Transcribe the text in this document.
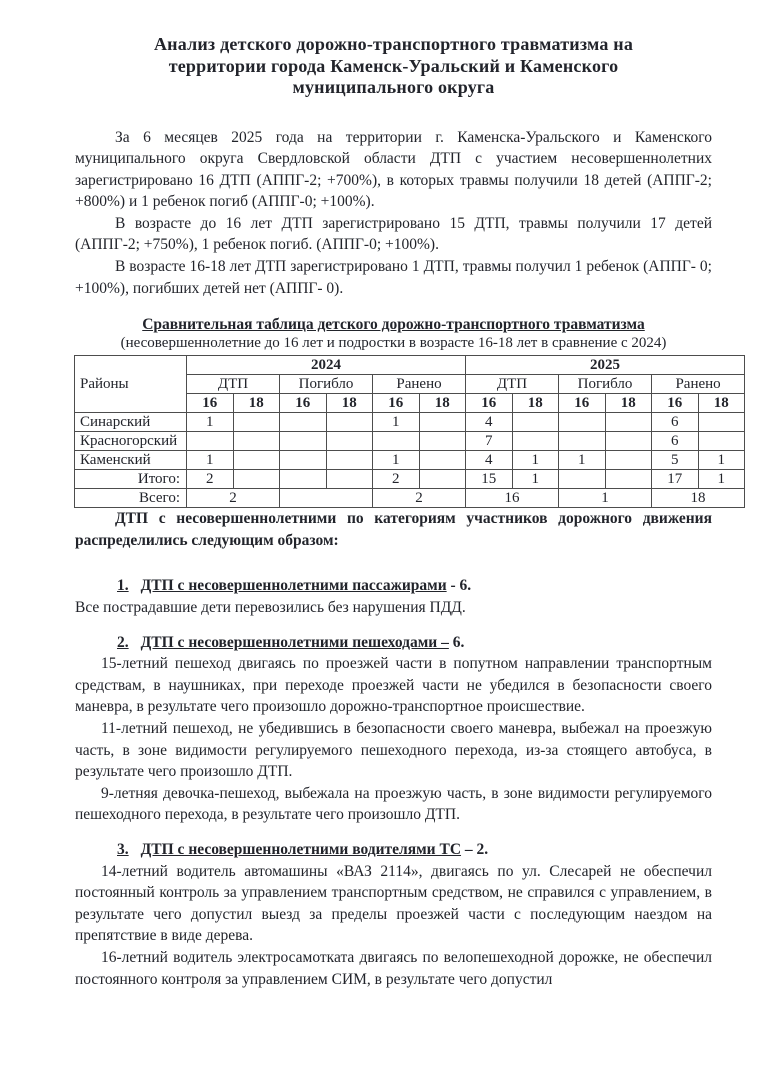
Анализ детского дорожно-транспортного травматизма на
территории города Каменск-Уральский и Каменского
муниципального округа

За 6 месяцев 2025 года на территории г. Каменска-Уральского и Каменского муниципального округа Свердловской области ДТП с участием несовершеннолетних зарегистрировано 16 ДТП (АППГ-2; +700%), в которых травмы получили 18 детей (АППГ-2; +800%) и 1 ребенок погиб (АППГ-0; +100%).

В возрасте до 16 лет ДТП зарегистрировано 15 ДТП, травмы получили 17 детей (АППГ-2; +750%), 1 ребенок погиб. (АППГ-0; +100%).

В возрасте 16-18 лет ДТП зарегистрировано 1 ДТП, травмы получил 1 ребенок (АППГ- 0; +100%), погибших детей нет (АППГ- 0).

Сравнительная таблица детского дорожно-транспортного травматизма
(несовершеннолетние до 16 лет и подростки в возрасте 16-18 лет в сравнение с 2024)
Районы	2024						2025					
	ДТП		Погибло		Ранено		ДТП		Погибло		Ранено	
	16	18	16	18	16	18	16	18	16	18	16	18
Синарский	1				1		4				6	
Красногорский							7				6	
Каменский	1				1		4	1	1		5	1
Итого:	2				2		15	1			17	1
Всего:	2				2		16		1		18	

ДТП с несовершеннолетними по категориям участников дорожного движения распределились следующим образом:

1. ДТП с несовершеннолетними пассажирами - 6.

Все пострадавшие дети перевозились без нарушения ПДД.

2. ДТП с несовершеннолетними пешеходами – 6.

15-летний пешеход двигаясь по проезжей части в попутном направлении транспортным средствам, в наушниках, при переходе проезжей части не убедился в безопасности своего маневра, в результате чего произошло дорожно-транспортное происшествие.

11-летний пешеход, не убедившись в безопасности своего маневра, выбежал на проезжую часть, в зоне видимости регулируемого пешеходного перехода, из-за стоящего автобуса, в результате чего произошло ДТП.

9-летняя девочка-пешеход, выбежала на проезжую часть, в зоне видимости регулируемого пешеходного перехода, в результате чего произошло ДТП.

3. ДТП с несовершеннолетними водителями ТС – 2.

14-летний водитель автомашины «ВАЗ 2114», двигаясь по ул. Слесарей не обеспечил постоянный контроль за управлением транспортным средством, не справился с управлением, в результате чего допустил выезд за пределы проезжей части с последующим наездом на препятствие в виде дерева.

16-летний водитель электросамотката двигаясь по велопешеходной дорожке, не обеспечил постоянного контроля за управлением СИМ, в результате чего допустил
